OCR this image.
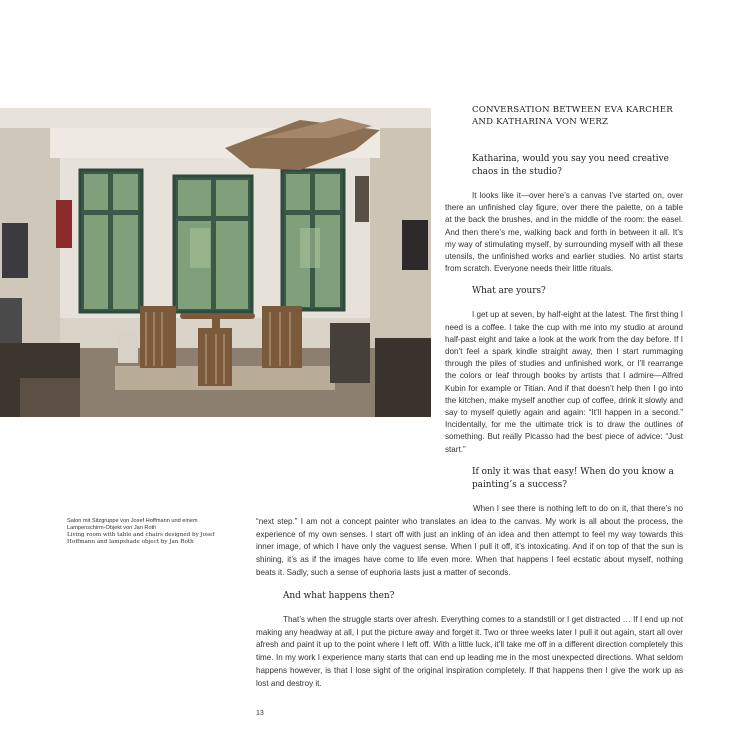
CONVERSATION BETWEEN EVA KARCHER
AND KATHARINA VON WERZ

Katharina, would you say you need creative chaos in the studio?

It looks like it—over here’s a canvas I’ve started on, over there an unfinished clay figure, over there the palette, on a table at the back the brushes, and in the middle of the room: the easel. And then there’s me, walking back and forth in between it all. It’s my way of stimulating myself, by surrounding myself with all these utensils, the unfinished works and earlier studies. No artist starts from scratch. Everyone needs their little rituals.

What are yours?

I get up at seven, by half-eight at the latest. The first thing I need is a coffee. I take the cup with me into my studio at around half-past eight and take a look at the work from the day before. If I don’t feel a spark kindle straight away, then I start rummaging through the piles of studies and unfinished work, or I’ll rearrange the colors or leaf through books by artists that I admire—Alfred Kubin for example or Titian. And if that doesn’t help then I go into the kitchen, make myself another cup of coffee, drink it slowly and say to myself quietly again and again: “It’ll happen in a second.” Incidentally, for me the ultimate trick is to draw the outlines of something. But really Picasso had the best piece of advice: “Just start.”

If only it was that easy! When do you know a painting’s a success?

Salon mit Sitzgruppe von Josef Hoffmann und einem Lampenschirm-Objekt von Jan Roth

Living room with table and chairs designed by Josef Hoffmann and lampshade object by Jan Roth

When I see there is nothing left to do on it, that there’s no “next step.” I am not a concept painter who translates an idea to the canvas. My work is all about the process, the experience of my own senses. I start off with just an inkling of an idea and then attempt to feel my way towards this inner image, of which I have only the vaguest sense. When I pull it off, it’s intoxicating. And if on top of that the sun is shining, it’s as if the images have come to life even more. When that happens I feel ecstatic about myself, nothing beats it. Sadly, such a sense of euphoria lasts just a matter of seconds.

And what happens then?

That’s when the struggle starts over afresh. Everything comes to a standstill or I get distracted … If I end up not making any headway at all, I put the picture away and forget it. Two or three weeks later I pull it out again, start all over afresh and paint it up to the point where I left off. With a little luck, it’ll take me off in a different direction completely this time. In my work I experience many starts that can end up leading me in the most unexpected directions. What seldom happens however, is that I lose sight of the original inspiration completely. If that happens then I give the work up as lost and destroy it.

13
